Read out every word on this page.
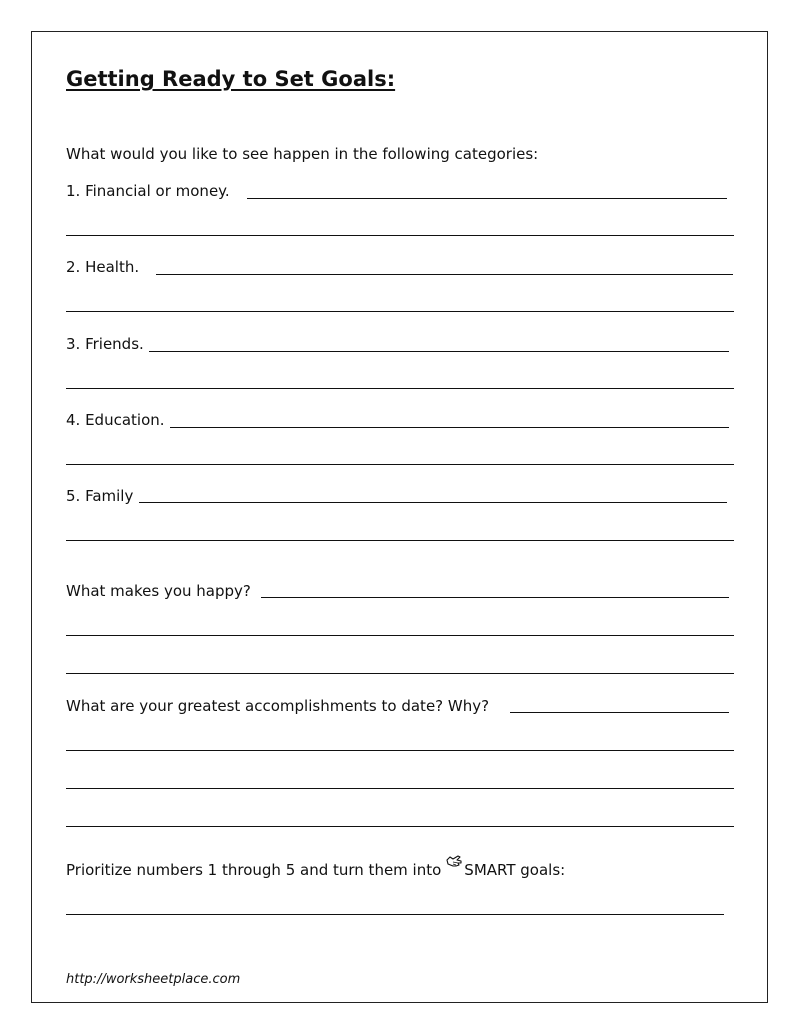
Getting Ready to Set Goals:
What would you like to see happen in the following categories:
1. Financial or money.
2. Health.
3. Friends.
4. Education.
5. Family
What makes you happy?
What are your greatest accomplishments to date? Why?
Prioritize numbers 1 through 5 and turn them into SMART goals:
http://worksheetplace.com
